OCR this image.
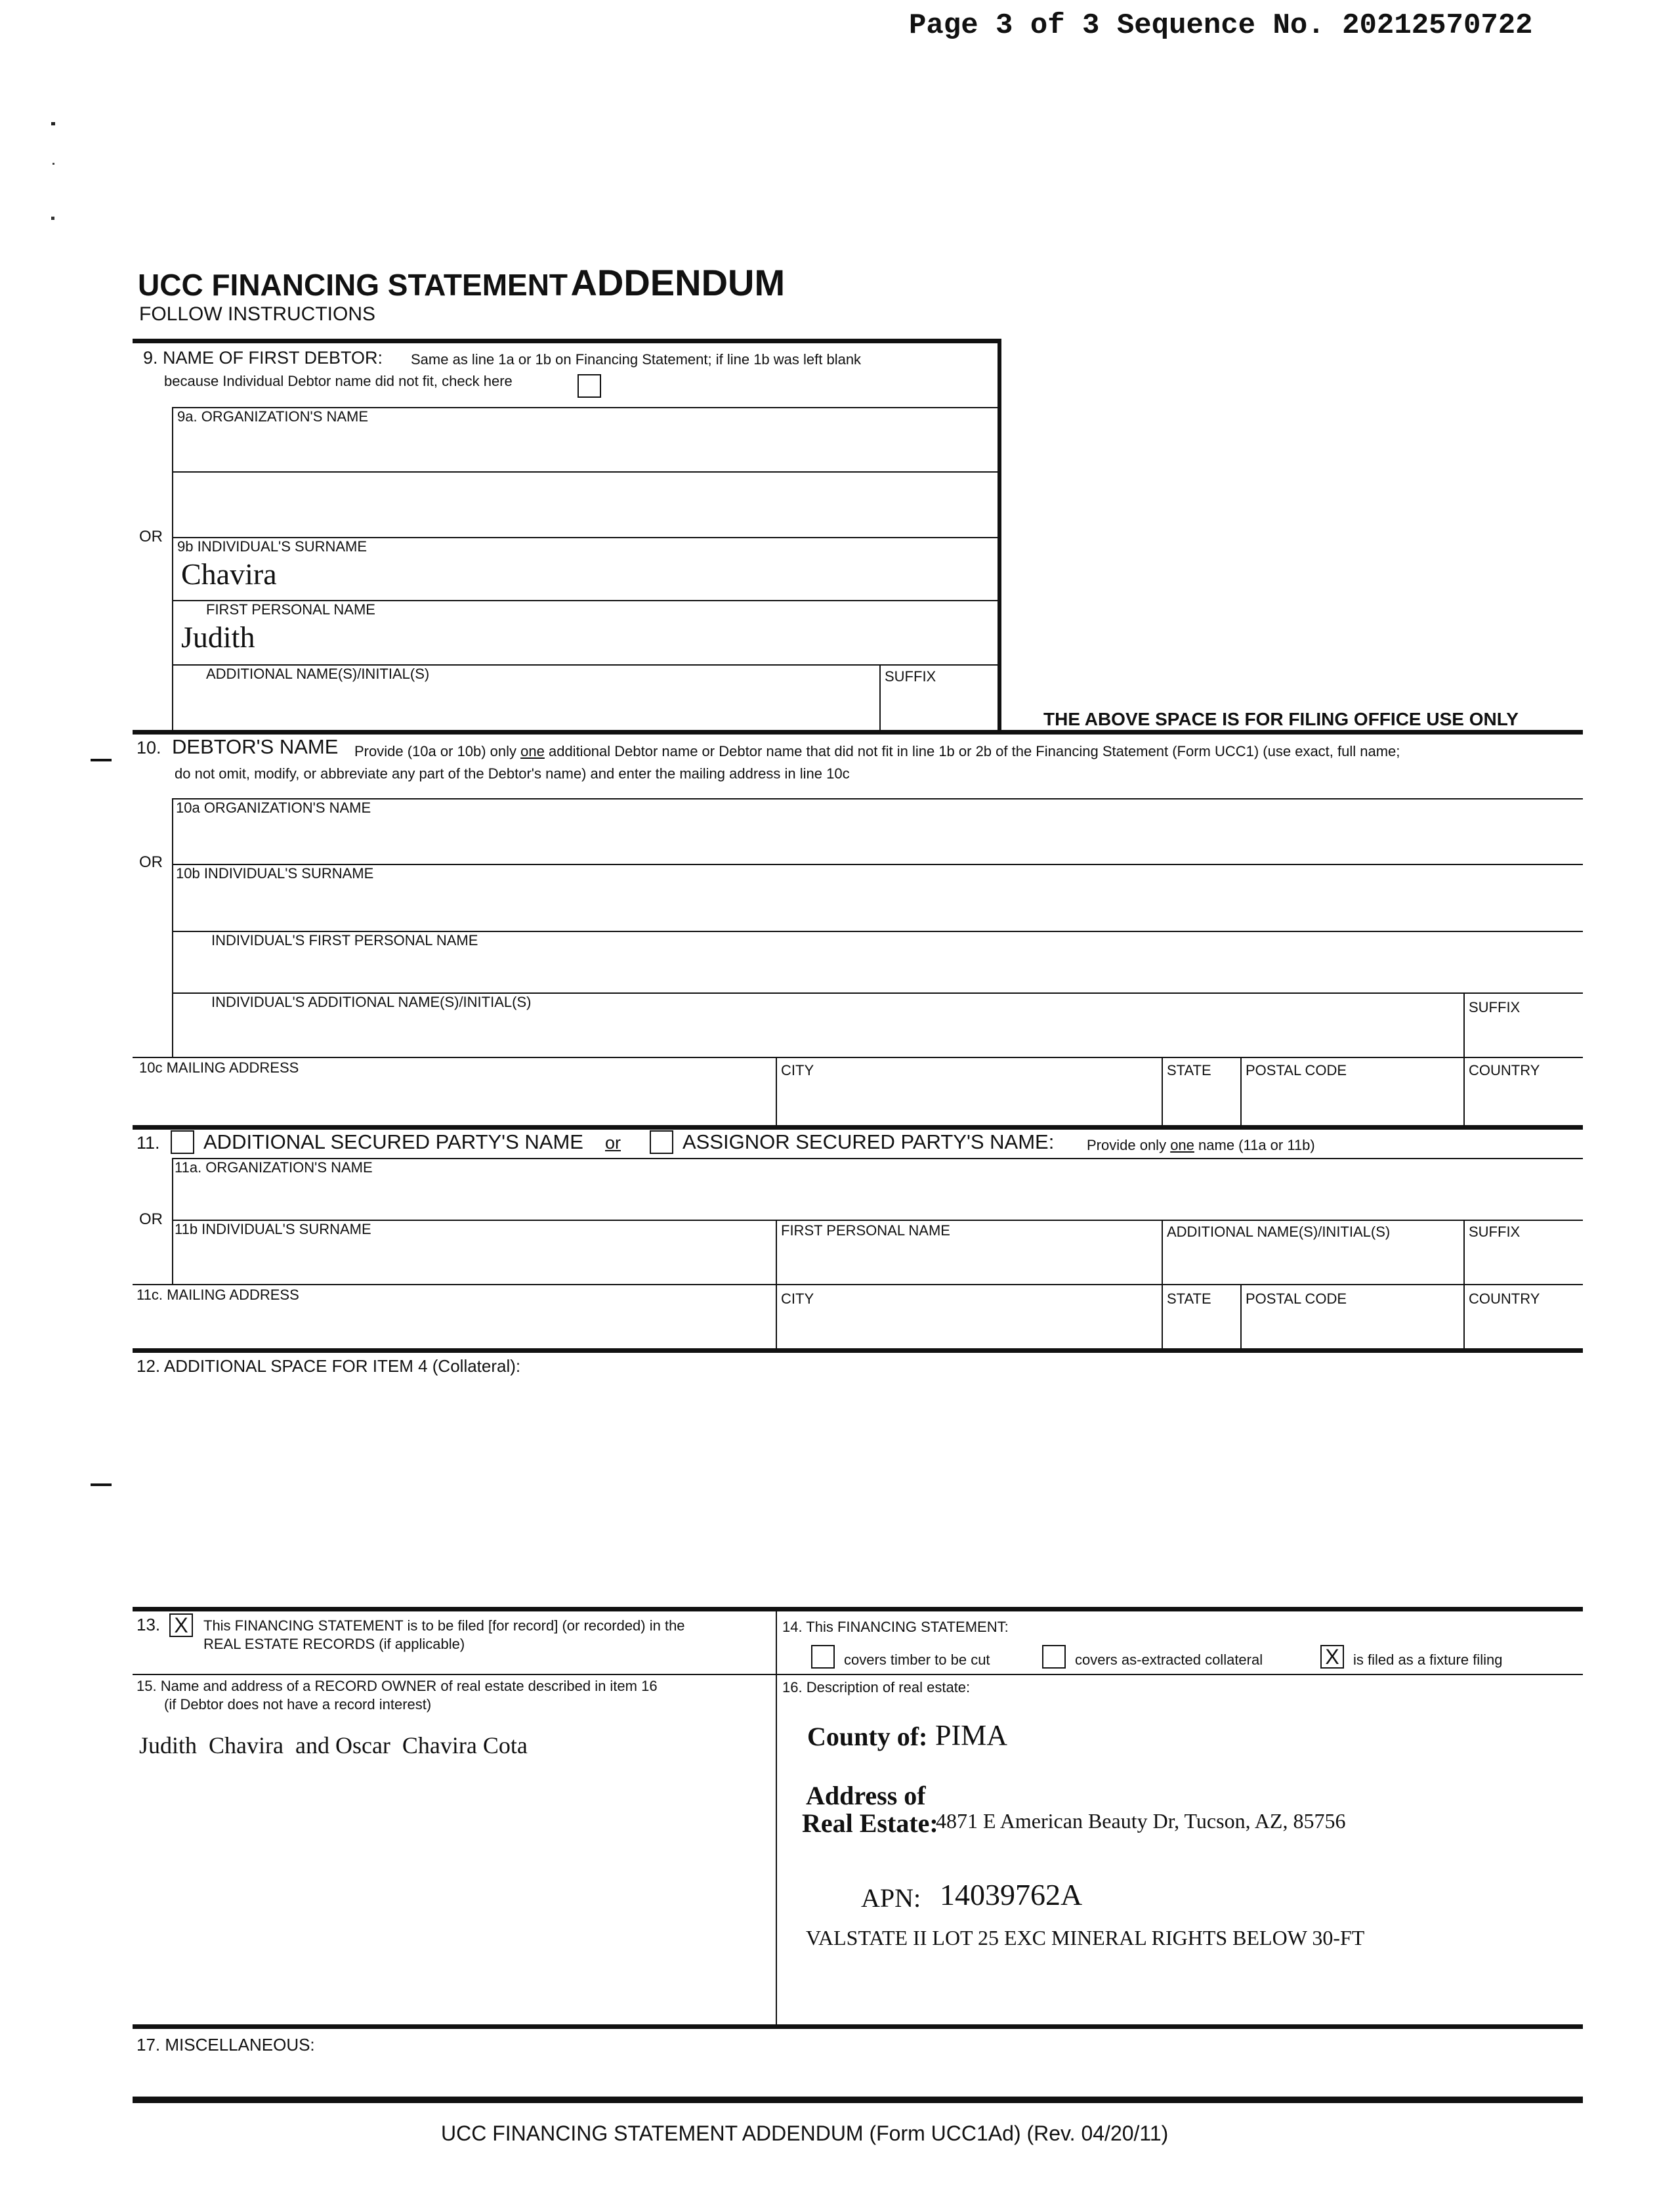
Page 3 of 3 Sequence No. 20212570722
UCC FINANCING STATEMENT ADDENDUM
FOLLOW INSTRUCTIONS
9. NAME OF FIRST DEBTOR: Same as line 1a or 1b on Financing Statement; if line 1b was left blank
because Individual Debtor name did not fit, check here
9a. ORGANIZATION'S NAME
OR
9b INDIVIDUAL'S SURNAME
Chavira
FIRST PERSONAL NAME
Judith
ADDITIONAL NAME(S)/INITIAL(S)	SUFFIX
THE ABOVE SPACE IS FOR FILING OFFICE USE ONLY
10. DEBTOR'S NAME Provide (10a or 10b) only one additional Debtor name or Debtor name that did not fit in line 1b or 2b of the Financing Statement (Form UCC1) (use exact, full name;
do not omit, modify, or abbreviate any part of the Debtor's name) and enter the mailing address in line 10c
10a ORGANIZATION'S NAME
OR
10b INDIVIDUAL'S SURNAME
INDIVIDUAL'S FIRST PERSONAL NAME
INDIVIDUAL'S ADDITIONAL NAME(S)/INITIAL(S)	SUFFIX
10c MAILING ADDRESS	CITY	STATE POSTAL CODE	COUNTRY
11. ADDITIONAL SECURED PARTY'S NAME or	ASSIGNOR SECURED PARTY'S NAME: Provide only one name (11a or 11b)
11a. ORGANIZATION'S NAME
OR
11b INDIVIDUAL'S SURNAME	FIRST PERSONAL NAME	ADDITIONAL NAME(S)/INITIAL(S)	SUFFIX
11c. MAILING ADDRESS	CITY	STATE POSTAL CODE	COUNTRY
12. ADDITIONAL SPACE FOR ITEM 4 (Collateral):
13. X	This FINANCING STATEMENT is to be filed [for record] (or recorded) in the
REAL ESTATE RECORDS (if applicable)
14. This FINANCING STATEMENT:
covers timber to be cut	covers as-extracted collateral	X is filed as a fixture filing
15. Name and address of a RECORD OWNER of real estate described in item 16
(if Debtor does not have a record interest)
Judith  Chavira  and Oscar  Chavira Cota
16. Description of real estate:
County of: PIMA
Address of
Real Estate:
4871 E American Beauty Dr, Tucson, AZ, 85756
APN: 14039762A
VALSTATE II LOT 25 EXC MINERAL RIGHTS BELOW 30-FT
17. MISCELLANEOUS:
UCC FINANCING STATEMENT ADDENDUM (Form UCC1Ad) (Rev. 04/20/11)
